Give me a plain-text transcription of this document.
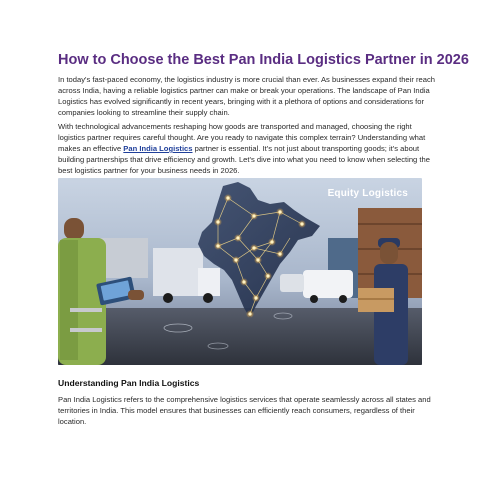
How to Choose the Best Pan India Logistics Partner in 2026
In today's fast-paced economy, the logistics industry is more crucial than ever. As businesses expand their reach across India, having a reliable logistics partner can make or break your operations. The landscape of Pan India Logistics has evolved significantly in recent years, bringing with it a plethora of options and considerations for companies looking to streamline their supply chain.
With technological advancements reshaping how goods are transported and managed, choosing the right logistics partner requires careful thought. Are you ready to navigate this complex terrain? Understanding what makes an effective Pan India Logistics partner is essential. It's not just about transporting goods; it's about building partnerships that drive efficiency and growth. Let's dive into what you need to know when selecting the best logistics partner for your business needs in 2026.
Equity Logistics
Understanding Pan India Logistics
Pan India Logistics refers to the comprehensive logistics services that operate seamlessly across all states and territories in India. This model ensures that businesses can efficiently reach consumers, regardless of their location.
